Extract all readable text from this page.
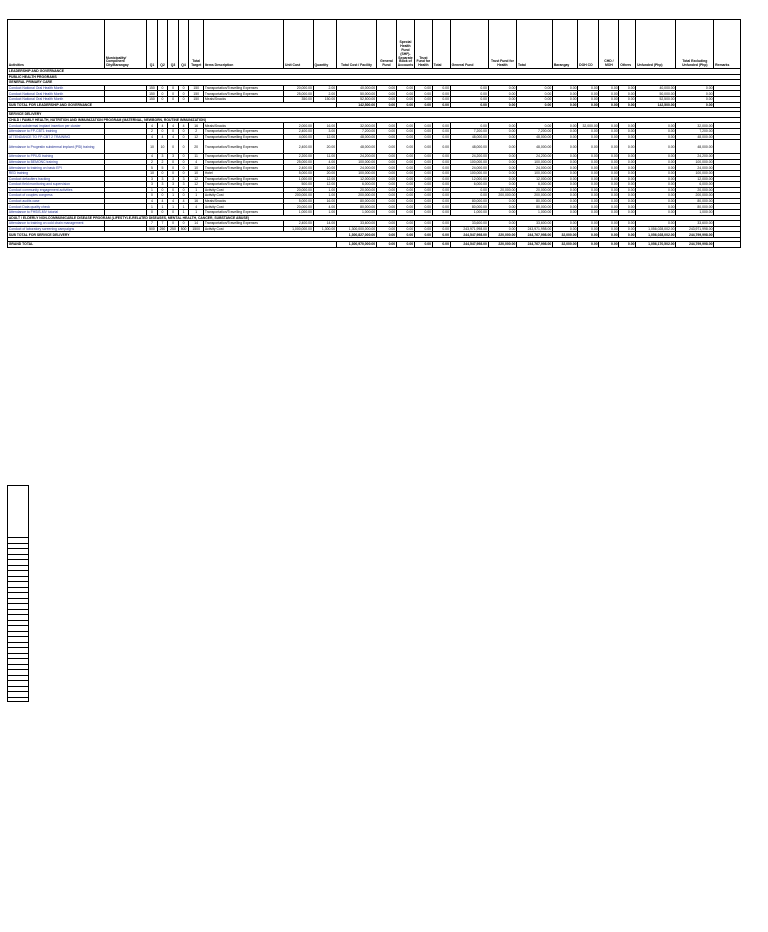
Activities	Municipality/ Component City/Barangay	Q1	Q2	Q3	Q4	Total Target	Items Description	Unit Cost	Quantity	Total Cost / Facility	General Fund	Special Health Fund (SHF)- Separate Book of Accounts	Trust Fund for Health	Total	General Fund	Trust Fund for Health	Total	Barangay	DOH CO	CHD / MOH	Others	Unfunded (Php)	Total Excluding Unfunded (Php)	Remarks
LEADERSHIP AND GOVERNANCE																								
PUBLIC HEALTH PROGRAMS																								
GENERAL PRIMARY CARE																								
Conduct National Oral Health Month		150	0	0	0	150	Transportation/Travelling Expenses	20,000.00	2.00	40,000.00	0.00	0.00	0.00	0.00	0.00	0.00	0.00	0.00	0.00	0.00	0.00	40,000.00	0.00	
Conduct National Oral Health Month		150	0	0	0	150	Transportation/Travelling Expenses	25,000.00	2.00	50,000.00	0.00	0.00	0.00	0.00	0.00	0.00	0.00	0.00	0.00	0.00	0.00	50,000.00	0.00	
Conduct National Oral Health Month		150	0	0	0	150	Meals/Snacks	350.00	150.00	52,500.00	0.00	0.00	0.00	0.00	0.00	0.00	0.00	0.00	0.00	0.00	0.00	52,500.00	0.00	
SUB TOTAL FOR LEADERSHIP AND GOVERNANCE										142,500.00	0.00	0.00	0.00	0.00	0.00	0.00	0.00	0.00	0.00	0.00	0.00	142,500.00	0.00	

SERVICE DELIVERY																								
CHILD / FAMILY HEALTH, NUTRITION AND IMMUNIZATION PROGRAM (MATERNAL, NEWBORN, ROUTINE IMMUNIZATION)																								
Conduct subdermal implant insertion per cluster		4	4	4	4	16	Meals/Snacks	2,000.00	16.00	32,000.00	0.00	0.00	0.00	0.00	0.00	0.00	0.00	0.00	32,000.00	0.00	0.00	0.00	32,000.00	
Attendance to FP-CBT1 training		2	0	0	0	2	Transportation/Travelling Expenses	2,400.00	3.00	7,200.00	0.00	0.00	0.00	0.00	7,200.00	0.00	7,200.00	0.00	0.00	0.00	0.00	0.00	7,200.00	
ATTENDANCE TO FP-CBT 2 TRAINING		4	4	4	0	12	Transportation/Travelling Expenses	4,000.00	12.00	48,000.00	0.00	0.00	0.00	0.00	48,000.00	0.00	48,000.00	0.00	0.00	0.00	0.00	0.00	48,000.00	
Attendance to Progestin subdermal implant (PSI) training		10	10	0	0	20	Transportation/Travelling Expenses	2,400.00	20.00	48,000.00	0.00	0.00	0.00	0.00	48,000.00	0.00	48,000.00	0.00	0.00	0.00	0.00	0.00	48,000.00	
Attendance to PPIUD training		4	3	3	0	11	Transportation/Travelling Expenses	2,200.00	11.00	24,200.00	0.00	0.00	0.00	0.00	24,200.00	0.00	24,200.00	0.00	0.00	0.00	0.00	0.00	24,200.00	
Attendance to BEMONC training		2	2	0	0	4	Transportation/Travelling Expenses	25,000.00	4.00	100,000.00	0.00	0.00	0.00	0.00	100,000.00	0.00	100,000.00	0.00	0.00	0.00	0.00	0.00	100,000.00	
Attendance to training on basic EPI		5	5	0	0	10	Transportation/Travelling Expenses	2,400.00	10.00	24,000.00	0.00	0.00	0.00	0.00	24,000.00	0.00	24,000.00	0.00	0.00	0.00	0.00	0.00	24,000.00	
RED training		10	0	0	0	10	Hotel	5,000.00	20.00	100,000.00	0.00	0.00	0.00	0.00	100,000.00	0.00	100,000.00	0.00	0.00	0.00	0.00	0.00	100,000.00	
Conduct defaulters tracking		3	3	3	3	12	Transportation/Travelling Expenses	1,000.00	12.00	12,000.00	0.00	0.00	0.00	0.00	12,000.00	0.00	12,000.00	0.00	0.00	0.00	0.00	0.00	12,000.00	
Conduct field monitoring and supervision		3	3	3	3	12	Transportation/Travelling Expenses	500.00	12.00	6,000.00	0.00	0.00	0.00	0.00	6,000.00	0.00	6,000.00	0.00	0.00	0.00	0.00	0.00	6,000.00	
Conduct community engagement activities		1	0	0	0	1	Activity Cost	20,000.00	1.00	20,000.00	0.00	0.00	0.00	0.00	0.00	20,000.00	20,000.00	0.00	0.00	0.00	0.00	0.00	20,000.00	
Conduct of couples congress		0	0	1	0	1	Activity Cost	200,000.00	1.00	200,000.00	0.00	0.00	0.00	0.00	0.00	200,000.00	200,000.00	0.00	0.00	0.00	0.00	0.00	200,000.00	
Conduct audits case		4	4	4	4	16	Meals/Snacks	5,000.00	16.00	80,000.00	0.00	0.00	0.00	0.00	80,000.00	0.00	80,000.00	0.00	0.00	0.00	0.00	0.00	80,000.00	
Conduct Data quality check		1	1	1	1	4	Activity Cost	20,000.00	4.00	80,000.00	0.00	0.00	0.00	0.00	80,000.00	0.00	80,000.00	0.00	0.00	0.00	0.00	0.00	80,000.00	
Attendance to FHSIS-MV tutorial		0	0	0	1	1	Transportation/Travelling Expenses	1,000.00	1.00	1,000.00	0.00	0.00	0.00	0.00	1,000.00	0.00	1,000.00	0.00	0.00	0.00	0.00	0.00	1,000.00	
ADULT / ELDERLY NON-COMMUNICABLE DISEASE PROGRAM (LIFESTYLE-RELATED DISEASES, MENTAL HEALTH, CANCER, SUBSTANCE ABUSE)																								
Attendance to training on cold chain management		7	7	0	0	14	Transportation/Travelling Expenses	2,400.00	14.00	33,600.00	0.00	0.00	0.00	0.00	33,600.00	0.00	33,600.00	0.00	0.00	0.00	0.00	0.00	33,600.00	
Conduct of laboratory screening campaigns		500	250	250	500	1500	Activity Cost	1,000,000.00	1,300.00	1,300,000,000.00	0.00	0.00	0.00	0.00	243,971,998.00	0.00	243,971,998.00	0.00	0.00	0.00	0.00	1,056,028,002.00	243,971,998.00	
SUB TOTAL FOR SERVICE DELIVERY										1,300,827,000.00	0.00	0.00	0.00	0.00	244,547,998.00	220,000.00	244,767,998.00	32,000.00	0.00	0.00	0.00	1,056,028,002.00	244,799,998.00	

GRAND TOTAL										1,300,970,000.00	0.00	0.00	0.00	0.00	244,547,998.00	220,000.00	244,767,998.00	32,000.00	0.00	0.00	0.00	1,056,170,502.00	244,799,998.00	
